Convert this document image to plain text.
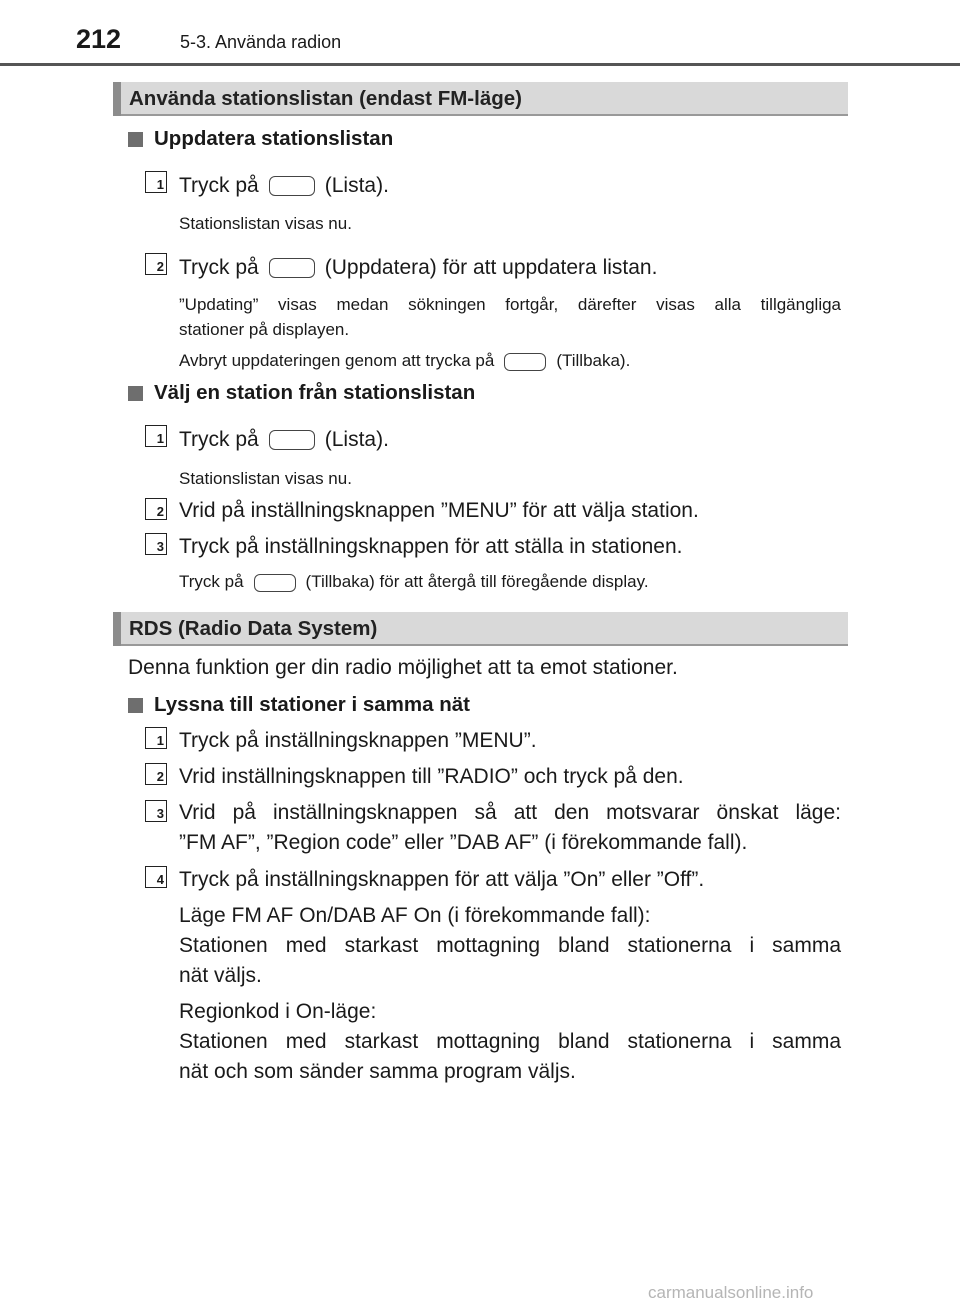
212	5-3. Använda radion
Använda stationslistan (endast FM-läge)
Uppdatera stationslistan
1 Tryck på	(Lista).
Stationslistan visas nu.
2 Tryck på	(Uppdatera) för att uppdatera listan.
”Updating” visas medan sökningen fortgår, därefter visas alla tillgängliga
stationer på displayen.
Avbryt uppdateringen genom att trycka på	(Tillbaka).
Välj en station från stationslistan
1 Tryck på	(Lista).
Stationslistan visas nu.
2 Vrid på inställningsknappen ”MENU” för att välja station.
3 Tryck på inställningsknappen för att ställa in stationen.
Tryck på	(Tillbaka) för att återgå till föregående display.
RDS (Radio Data System)
Denna funktion ger din radio möjlighet att ta emot stationer.
Lyssna till stationer i samma nät
1 Tryck på inställningsknappen ”MENU”.
2 Vrid inställningsknappen till ”RADIO” och tryck på den.
3 Vrid på inställningsknappen så att den motsvarar önskat läge:
”FM AF”, ”Region code” eller ”DAB AF” (i förekommande fall).
4 Tryck på inställningsknappen för att välja ”On” eller ”Off”.
Läge FM AF On/DAB AF On (i förekommande fall):
Stationen med starkast mottagning bland stationerna i samma
nät väljs.
Regionkod i On-läge:
Stationen med starkast mottagning bland stationerna i samma
nät och som sänder samma program väljs.
carmanualsonline.info
